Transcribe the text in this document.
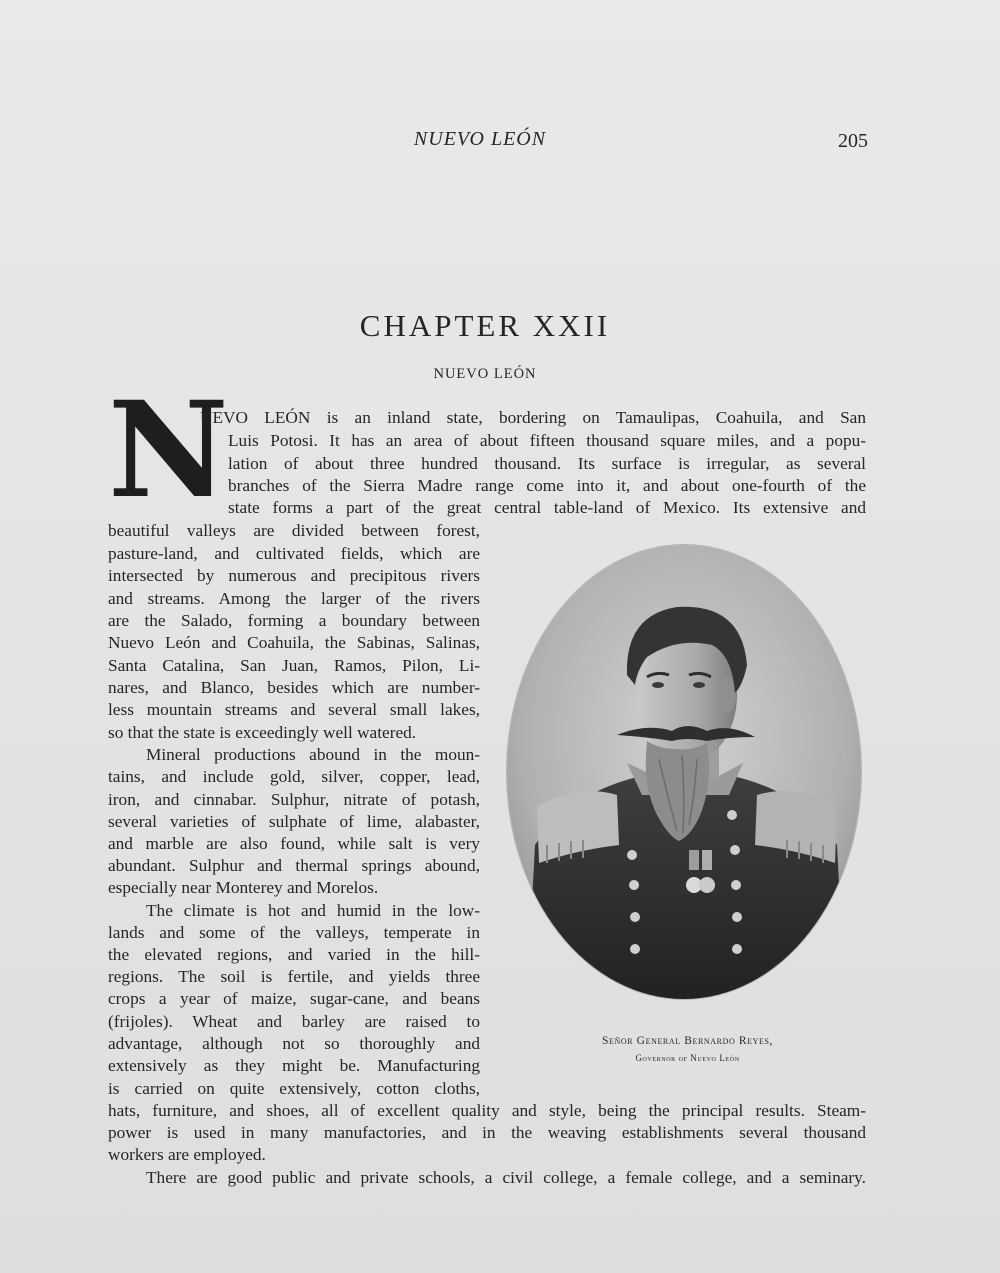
NUEVO LEÓN	205
CHAPTER XXII
NUEVO LEÓN
N
UEVO LEÓN is an inland state, bordering on Tamaulipas, Coahuila, and San
Luis Potosi. It has an area of about fifteen thousand square miles, and a popu-
lation of about three hundred thousand. Its surface is irregular, as several
branches of the Sierra Madre range come into it, and about one-fourth of the
state forms a part of the great central table-land of Mexico. Its extensive and
beautiful valleys are divided between forest,
pasture-land, and cultivated fields, which are
intersected by numerous and precipitous rivers
and streams. Among the larger of the rivers
are the Salado, forming a boundary between
Nuevo León and Coahuila, the Sabinas, Salinas,
Santa Catalina, San Juan, Ramos, Pilon, Li-
nares, and Blanco, besides which are number-
less mountain streams and several small lakes,
so that the state is exceedingly well watered.
Mineral productions abound in the moun-
tains, and include gold, silver, copper, lead,
iron, and cinnabar. Sulphur, nitrate of potash,
several varieties of sulphate of lime, alabaster,
and marble are also found, while salt is very
abundant. Sulphur and thermal springs abound,
especially near Monterey and Morelos.
The climate is hot and humid in the low-
lands and some of the valleys, temperate in
the elevated regions, and varied in the hill-
regions. The soil is fertile, and yields three
crops a year of maize, sugar-cane, and beans
(frijoles). Wheat and barley are raised to
advantage, although not so thoroughly and
extensively as they might be. Manufacturing
is carried on quite extensively, cotton cloths,
hats, furniture, and shoes, all of excellent quality and style, being the principal results. Steam-
power is used in many manufactories, and in the weaving establishments several thousand
workers are employed.
There are good public and private schools, a civil college, a female college, and a seminary.
Señor General Bernardo Reyes,
Governor of Nuevo León
